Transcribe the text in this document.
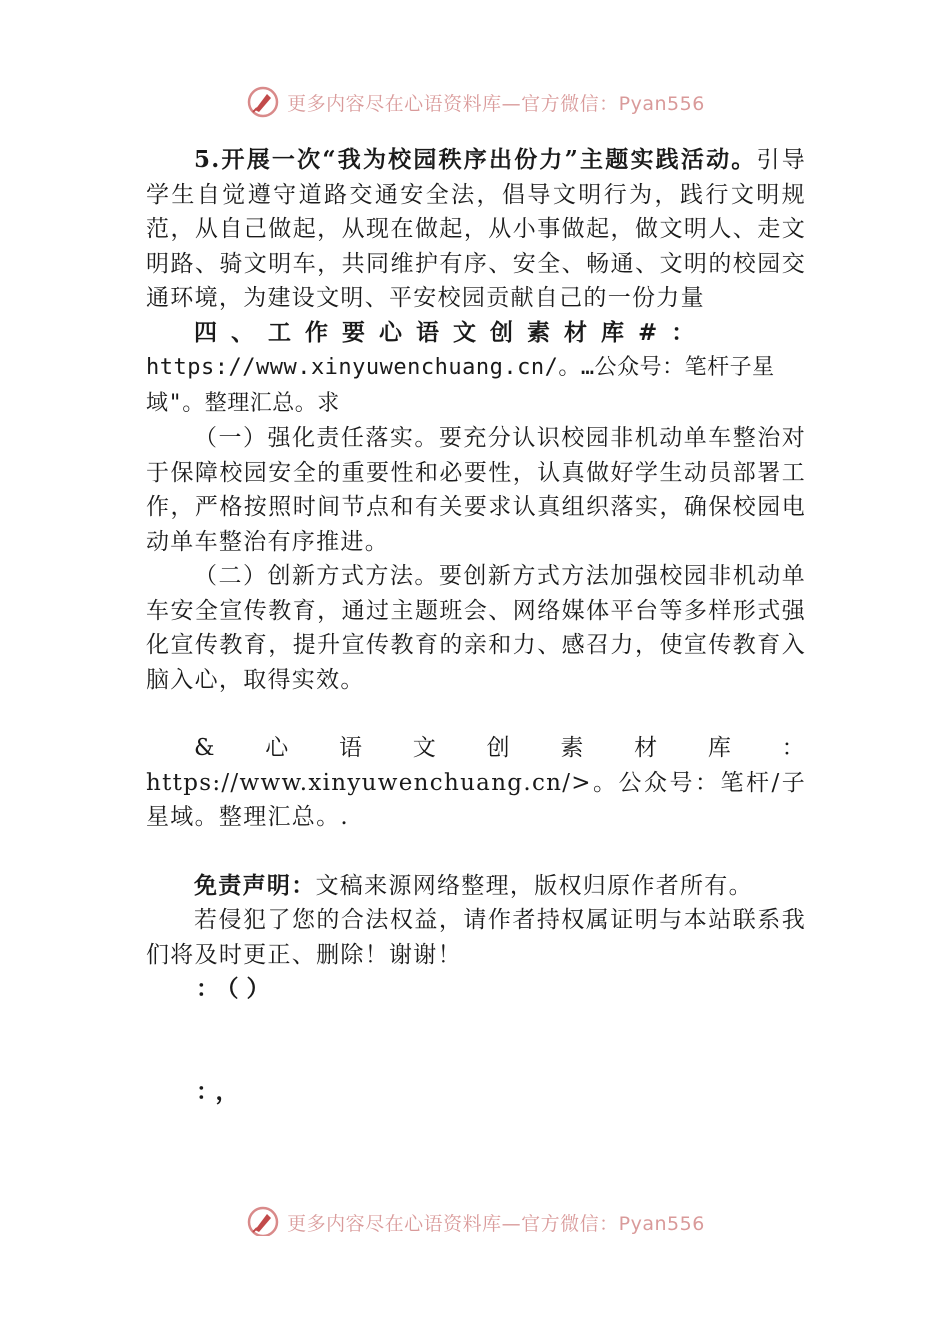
更多内容尽在心语资料库—官方微信：Pyan556

5.开展一次“我为校园秩序出份力”主题实践活动。引导学生自觉遵守道路交通安全法，倡导文明行为，践行文明规范，从自己做起，从现在做起，从小事做起，做文明人、走文明路、骑文明车，共同维护有序、安全、畅通、文明的校园交通环境，为建设文明、平安校园贡献自己的一份力量

四、工作要心语文创素材库#：https://www.xinyuwenchuang.cn/。…公众号：笔杆子星域"。整理汇总。求

（一）强化责任落实。要充分认识校园非机动单车整治对于保障校园安全的重要性和必要性，认真做好学生动员部署工作，严格按照时间节点和有关要求认真组织落实，确保校园电动单车整治有序推进。

（二）创新方式方法。要创新方式方法加强校园非机动单车安全宣传教育，通过主题班会、网络媒体平台等多样形式强化宣传教育，提升宣传教育的亲和力、感召力，使宣传教育入脑入心，取得实效。

&心语文创素材库：https://www.xinyuwenchuang.cn/>。公众号：笔杆/子星域。整理汇总。.

免责声明：文稿来源网络整理，版权归原作者所有。

若侵犯了您的合法权益，请作者持权属证明与本站联系我们将及时更正、删除！谢谢！

：（）

：，

更多内容尽在心语资料库—官方微信：Pyan556
